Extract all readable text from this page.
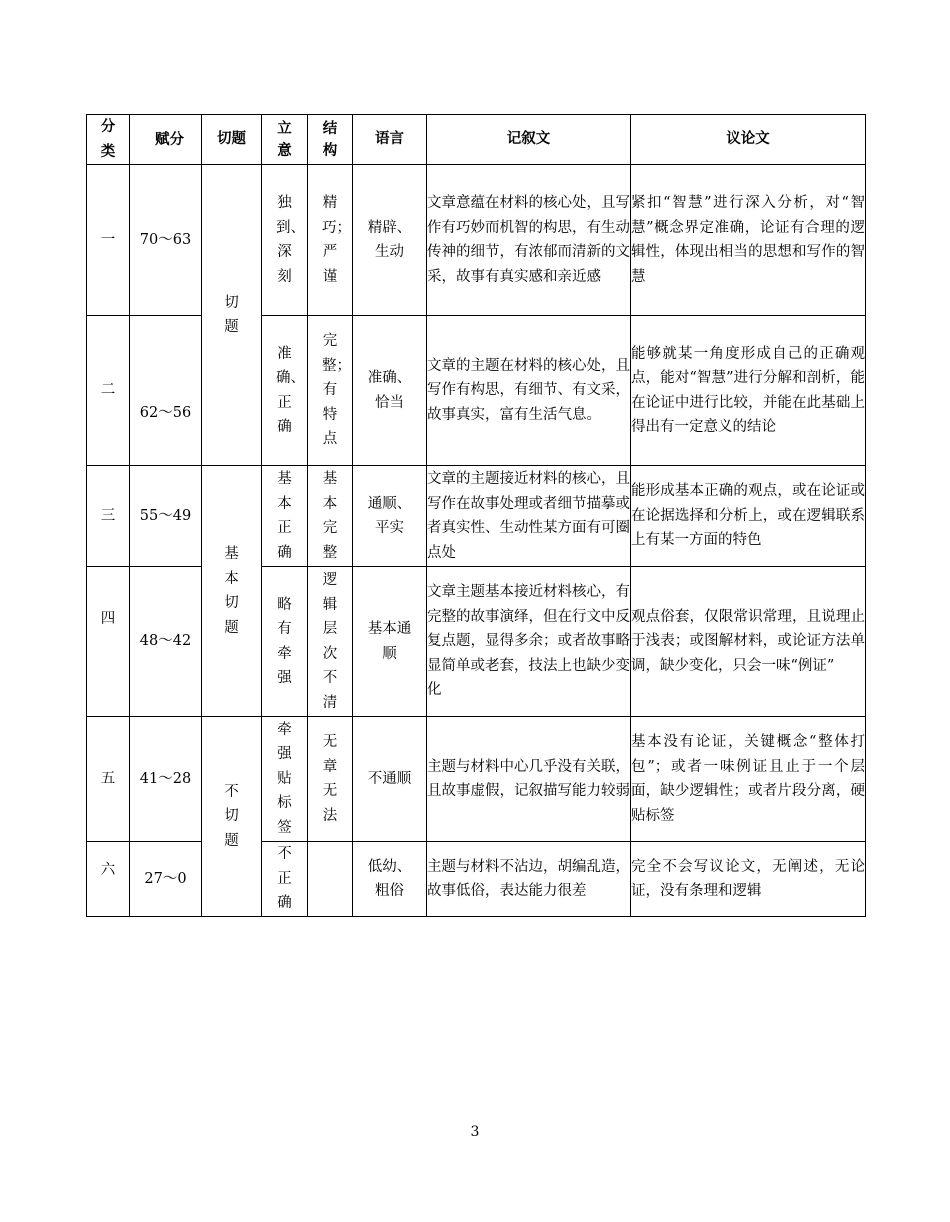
分类	赋分	切题	立意	结构	语言	记叙文	议论文
一	70～63	切题	独到、深刻	精巧；严谨	精辟、生动	文章意蕴在材料的核心处，且写作有巧妙而机智的构思，有生动传神的细节，有浓郁而清新的文采，故事有真实感和亲近感	紧扣“智慧”进行深入分析，对“智慧”概念界定准确，论证有合理的逻辑性，体现出相当的思想和写作的智慧
二	62～56		准确、正确	完整；有特点	准确、恰当	文章的主题在材料的核心处，且写作有构思，有细节、有文采，故事真实，富有生活气息。	能够就某一角度形成自己的正确观点，能对“智慧”进行分解和剖析，能在论证中进行比较，并能在此基础上得出有一定意义的结论
三	55～49	基本切题	基本正确	基本完整	通顺、平实	文章的主题接近材料的核心，且写作在故事处理或者细节描摹或者真实性、生动性某方面有可圈点处	能形成基本正确的观点，或在论证或在论据选择和分析上，或在逻辑联系上有某一方面的特色
四	48～42		略有牵强	逻辑层次不清	基本通顺	文章主题基本接近材料核心，有完整的故事演绎，但在行文中反复点题，显得多余；或者故事略显简单或老套，技法上也缺少变化	观点俗套，仅限常识常理，且说理止于浅表；或图解材料，或论证方法单调，缺少变化，只会一味“例证”
五	41～28	不切题	牵强贴标签	无章无法	不通顺	主题与材料中心几乎没有关联，且故事虚假，记叙描写能力较弱	基本没有论证，关键概念“整体打包”；或者一味例证且止于一个层面，缺少逻辑性；或者片段分离，硬贴标签
六	27～0		不正确		低幼、粗俗	主题与材料不沾边，胡编乱造，故事低俗，表达能力很差	完全不会写议论文，无阐述，无论证，没有条理和逻辑
3
